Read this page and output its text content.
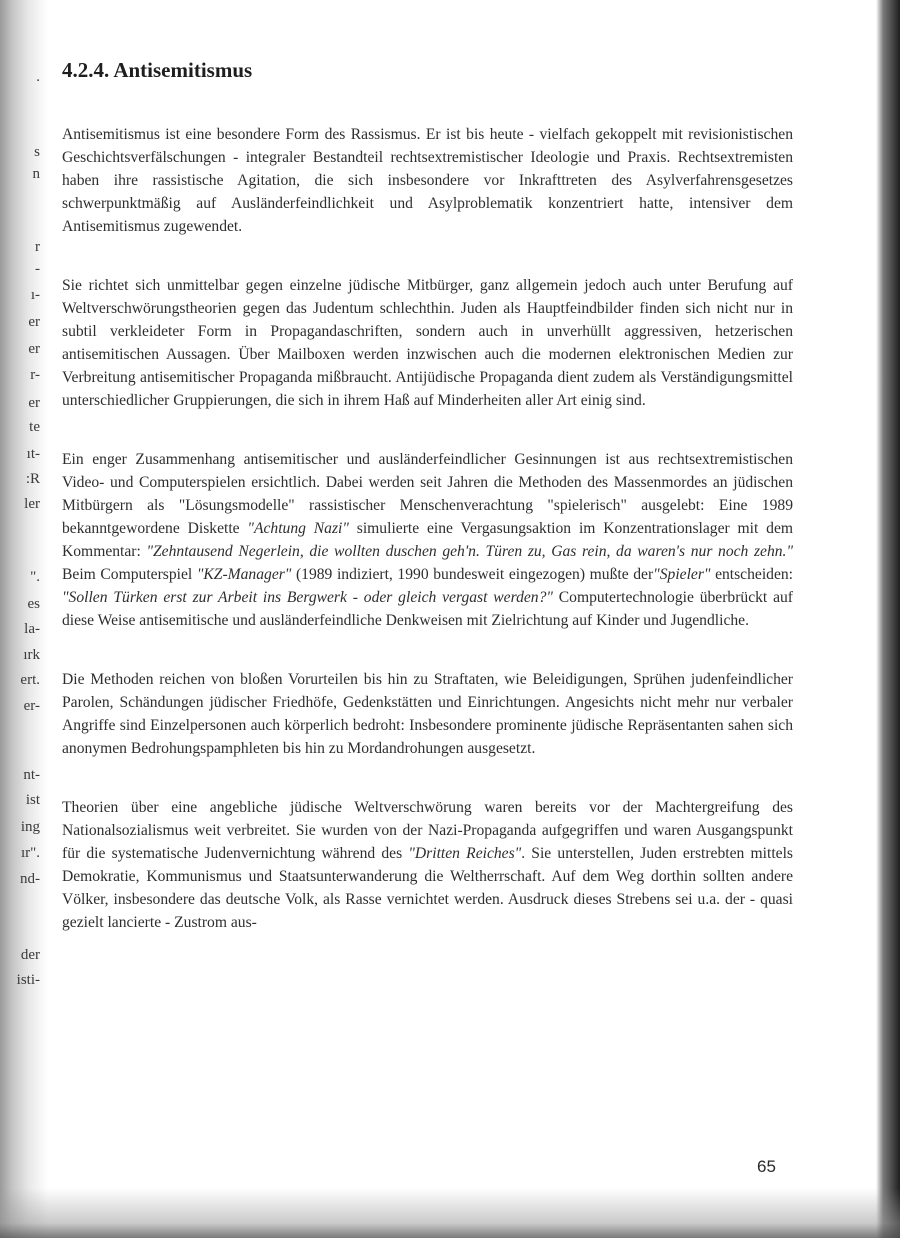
.
s
n
r
-
ı-
er
er
r-
er
te
ıt-
:R
ler
".
es
la-
ırk
ert.
er-
nt-
ist
ing
ır".
nd-
der
isti-
4.2.4. Antisemitismus

Antisemitismus ist eine besondere Form des Rassismus. Er ist bis heute - vielfach gekoppelt mit revisionistischen Geschichtsverfälschungen - integraler Bestandteil rechtsextremistischer Ideologie und Praxis. Rechtsextremisten haben ihre rassistische Agitation, die sich insbesondere vor Inkrafttreten des Asylverfahrensgesetzes schwerpunktmäßig auf Ausländerfeindlichkeit und Asylproblematik konzentriert hatte, intensiver dem Antisemitismus zugewendet.

Sie richtet sich unmittelbar gegen einzelne jüdische Mitbürger, ganz allgemein jedoch auch unter Berufung auf Weltverschwörungstheorien gegen das Judentum schlechthin. Juden als Hauptfeindbilder finden sich nicht nur in subtil verkleideter Form in Propagandaschriften, sondern auch in unverhüllt aggressiven, hetzerischen antisemitischen Aussagen. Über Mailboxen werden inzwischen auch die modernen elektronischen Medien zur Verbreitung antisemitischer Propaganda mißbraucht. Antijüdische Propaganda dient zudem als Verständigungsmittel unterschiedlicher Gruppierungen, die sich in ihrem Haß auf Minderheiten aller Art einig sind.

Ein enger Zusammenhang antisemitischer und ausländerfeindlicher Gesinnungen ist aus rechtsextremistischen Video- und Computerspielen ersichtlich. Dabei werden seit Jahren die Methoden des Massenmordes an jüdischen Mitbürgern als "Lösungsmodelle" rassistischer Menschenverachtung "spielerisch" ausgelebt: Eine 1989 bekanntgewordene Diskette "Achtung Nazi" simulierte eine Vergasungsaktion im Konzentrationslager mit dem Kommentar: "Zehntausend Negerlein, die wollten duschen geh'n. Türen zu, Gas rein, da waren's nur noch zehn." Beim Computerspiel "KZ-Manager" (1989 indiziert, 1990 bundesweit eingezogen) mußte der"Spieler" entscheiden: "Sollen Türken erst zur Arbeit ins Bergwerk - oder gleich vergast werden?" Computertechnologie überbrückt auf diese Weise antisemitische und ausländerfeindliche Denkweisen mit Zielrichtung auf Kinder und Jugendliche.

Die Methoden reichen von bloßen Vorurteilen bis hin zu Straftaten, wie Beleidigungen, Sprühen judenfeindlicher Parolen, Schändungen jüdischer Friedhöfe, Gedenkstätten und Einrichtungen. Angesichts nicht mehr nur verbaler Angriffe sind Einzelpersonen auch körperlich bedroht: Insbesondere prominente jüdische Repräsentanten sahen sich anonymen Bedrohungspamphleten bis hin zu Mordandrohungen ausgesetzt.

Theorien über eine angebliche jüdische Weltverschwörung waren bereits vor der Machtergreifung des Nationalsozialismus weit verbreitet. Sie wurden von der Nazi-Propaganda aufgegriffen und waren Ausgangspunkt für die systematische Judenvernichtung während des "Dritten Reiches". Sie unterstellen, Juden erstrebten mittels Demokratie, Kommunismus und Staatsunterwanderung die Weltherrschaft. Auf dem Weg dorthin sollten andere Völker, insbesondere das deutsche Volk, als Rasse vernichtet werden. Ausdruck dieses Strebens sei u.a. der - quasi gezielt lancierte - Zustrom aus-

65
